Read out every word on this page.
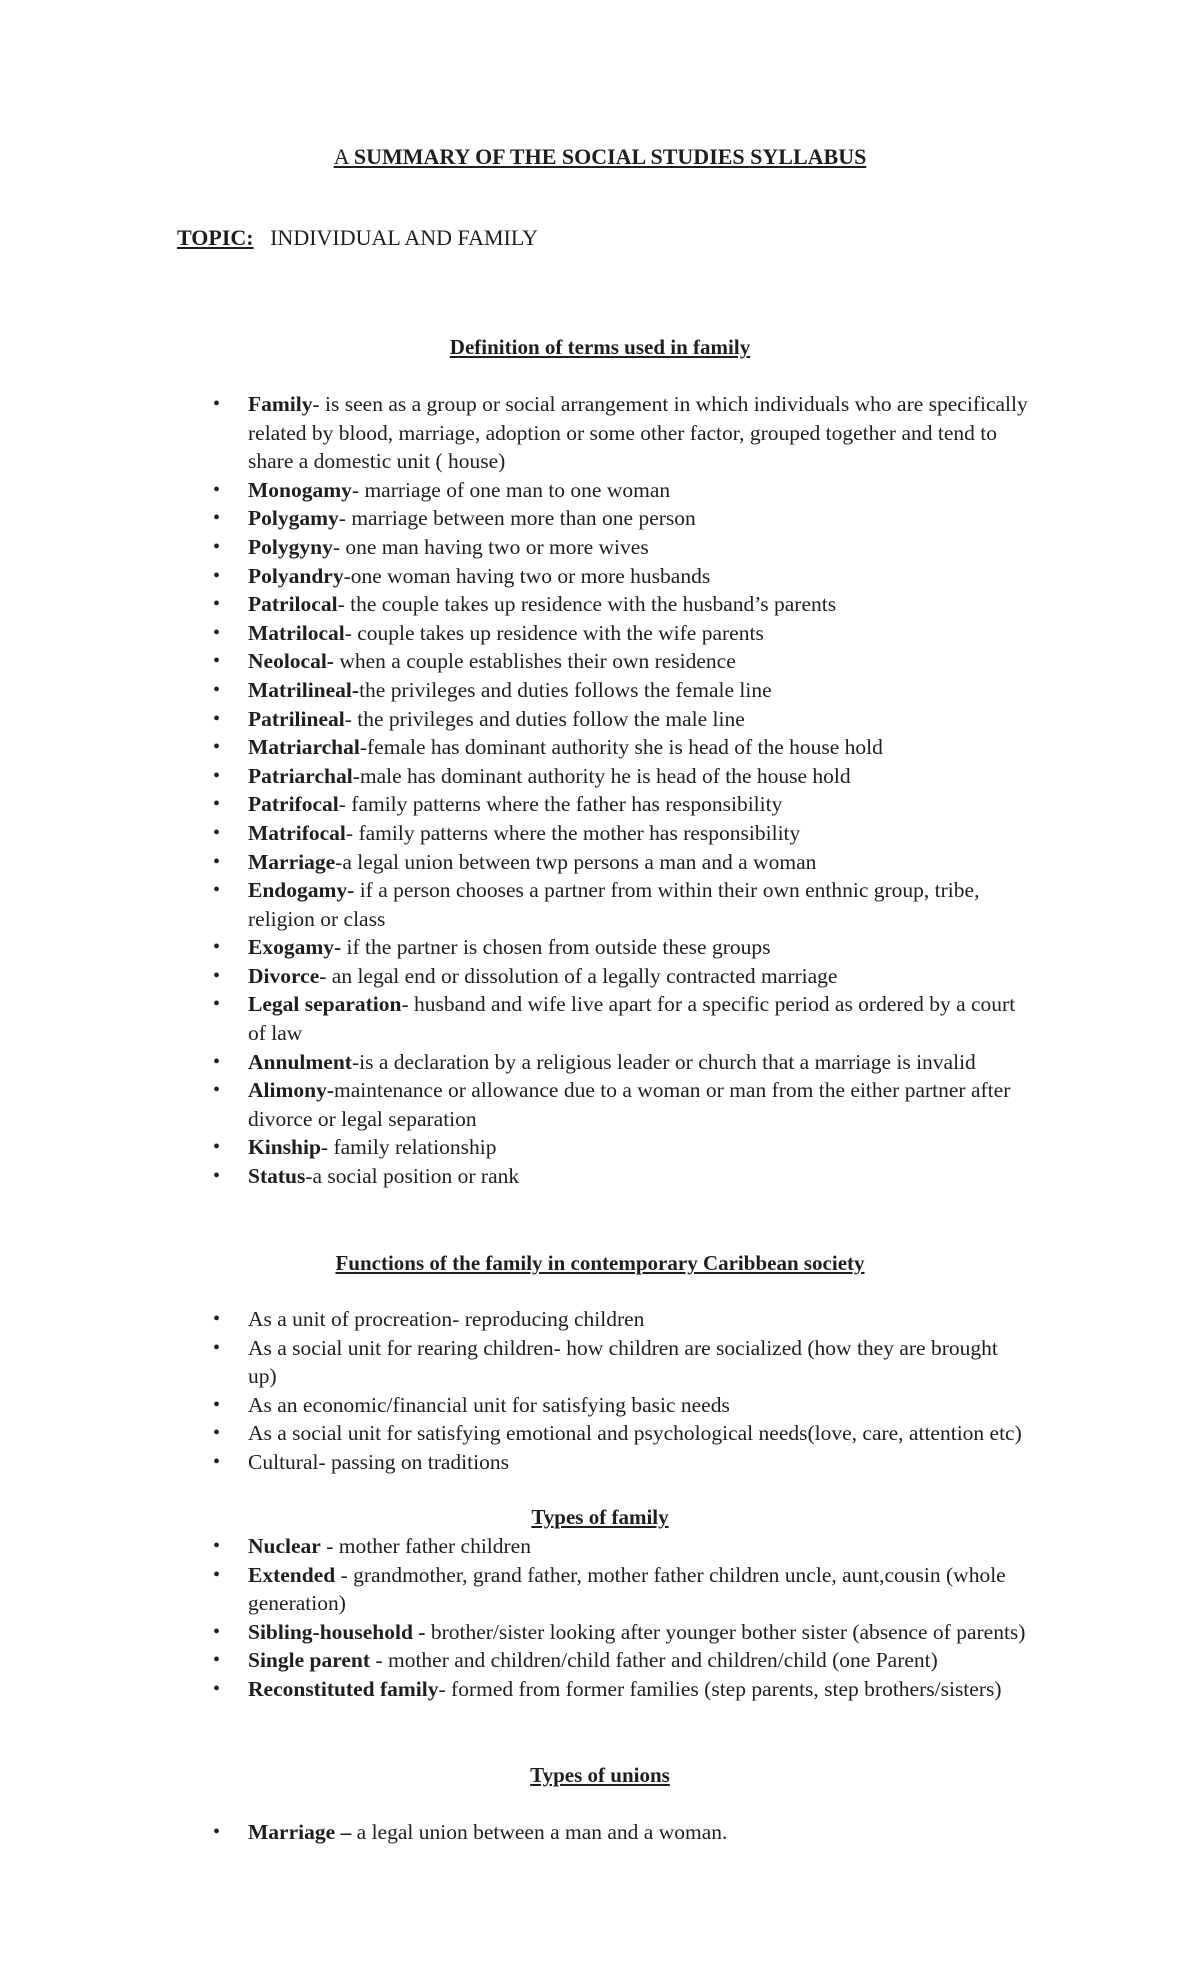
A SUMMARY OF THE SOCIAL STUDIES SYLLABUS
TOPIC: INDIVIDUAL AND FAMILY
Definition of terms used in family
• Family- is seen as a group or social arrangement in which individuals who are specifically related by blood, marriage, adoption or some other factor, grouped together and tend to share a domestic unit ( house)
• Monogamy- marriage of one man to one woman
• Polygamy- marriage between more than one person
• Polygyny- one man having two or more wives
• Polyandry-one woman having two or more husbands
• Patrilocal- the couple takes up residence with the husband’s parents
• Matrilocal- couple takes up residence with the wife parents
• Neolocal- when a couple establishes their own residence
• Matrilineal-the privileges and duties follows the female line
• Patrilineal- the privileges and duties follow the male line
• Matriarchal-female has dominant authority she is head of the house hold
• Patriarchal-male has dominant authority he is head of the house hold
• Patrifocal- family patterns where the father has responsibility
• Matrifocal- family patterns where the mother has responsibility
• Marriage-a legal union between twp persons a man and a woman
• Endogamy- if a person chooses a partner from within their own enthnic group, tribe, religion or class
• Exogamy- if the partner is chosen from outside these groups
• Divorce- an legal end or dissolution of a legally contracted marriage
• Legal separation- husband and wife live apart for a specific period as ordered by a court of law
• Annulment-is a declaration by a religious leader or church that a marriage is invalid
• Alimony-maintenance or allowance due to a woman or man from the either partner after divorce or legal separation
• Kinship- family relationship
• Status-a social position or rank
Functions of the family in contemporary Caribbean society
• As a unit of procreation- reproducing children
• As a social unit for rearing children- how children are socialized (how they are brought up)
• As an economic/financial unit for satisfying basic needs
• As a social unit for satisfying emotional and psychological needs(love, care, attention etc)
• Cultural- passing on traditions
Types of family
• Nuclear - mother father children
• Extended - grandmother, grand father, mother father children uncle, aunt,cousin (whole generation)
• Sibling-household - brother/sister looking after younger bother sister (absence of parents)
• Single parent - mother and children/child father and children/child (one Parent)
• Reconstituted family- formed from former families (step parents, step brothers/sisters)
Types of unions
• Marriage – a legal union between a man and a woman.
